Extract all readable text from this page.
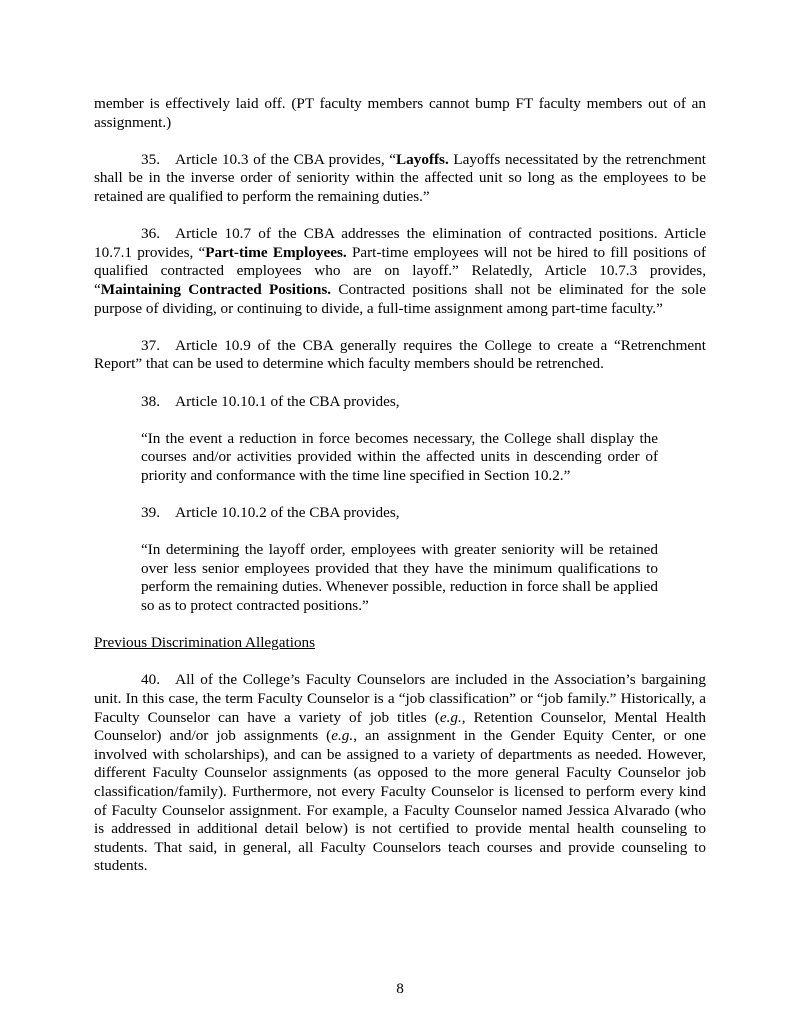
member is effectively laid off. (PT faculty members cannot bump FT faculty members out of an assignment.)

35. Article 10.3 of the CBA provides, “Layoffs. Layoffs necessitated by the retrenchment shall be in the inverse order of seniority within the affected unit so long as the employees to be retained are qualified to perform the remaining duties.”

36. Article 10.7 of the CBA addresses the elimination of contracted positions. Article 10.7.1 provides, “Part-time Employees. Part-time employees will not be hired to fill positions of qualified contracted employees who are on layoff.” Relatedly, Article 10.7.3 provides, “Maintaining Contracted Positions. Contracted positions shall not be eliminated for the sole purpose of dividing, or continuing to divide, a full-time assignment among part-time faculty.”

37. Article 10.9 of the CBA generally requires the College to create a “Retrenchment Report” that can be used to determine which faculty members should be retrenched.

38. Article 10.10.1 of the CBA provides,

“In the event a reduction in force becomes necessary, the College shall display the courses and/or activities provided within the affected units in descending order of priority and conformance with the time line specified in Section 10.2.”

39. Article 10.10.2 of the CBA provides,

“In determining the layoff order, employees with greater seniority will be retained over less senior employees provided that they have the minimum qualifications to perform the remaining duties. Whenever possible, reduction in force shall be applied so as to protect contracted positions.”

Previous Discrimination Allegations

40. All of the College’s Faculty Counselors are included in the Association’s bargaining unit. In this case, the term Faculty Counselor is a “job classification” or “job family.” Historically, a Faculty Counselor can have a variety of job titles (e.g., Retention Counselor, Mental Health Counselor) and/or job assignments (e.g., an assignment in the Gender Equity Center, or one involved with scholarships), and can be assigned to a variety of departments as needed. However, different Faculty Counselor assignments (as opposed to the more general Faculty Counselor job classification/family). Furthermore, not every Faculty Counselor is licensed to perform every kind of Faculty Counselor assignment. For example, a Faculty Counselor named Jessica Alvarado (who is addressed in additional detail below) is not certified to provide mental health counseling to students. That said, in general, all Faculty Counselors teach courses and provide counseling to students.

8
